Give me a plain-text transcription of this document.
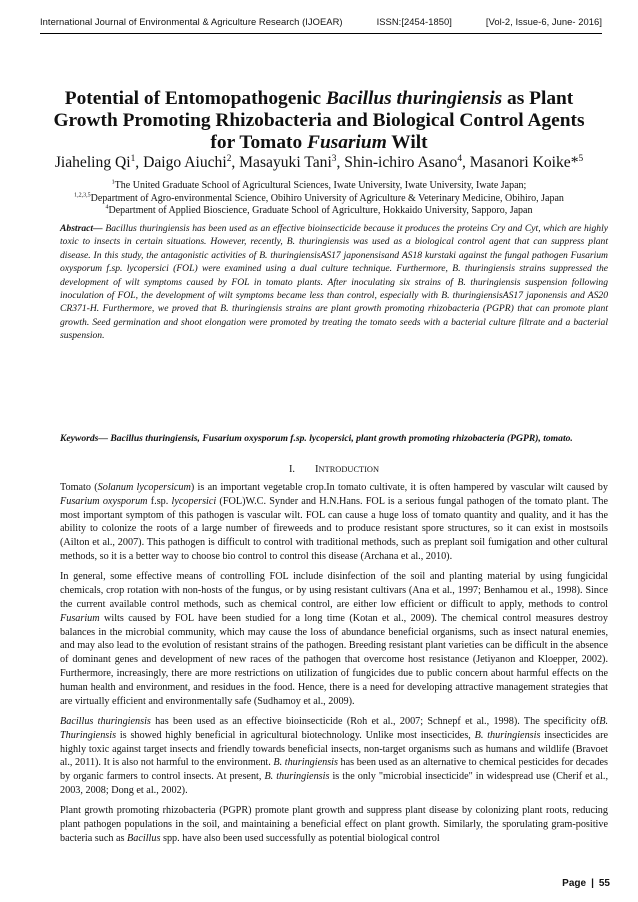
International Journal of Environmental & Agriculture Research (IJOEAR)	ISSN:[2454-1850]	[Vol-2, Issue-6, June- 2016]
Potential of Entomopathogenic Bacillus thuringiensis as Plant
Growth Promoting Rhizobacteria and Biological Control Agents
for Tomato Fusarium Wilt
Jiaheling Qi$^1$, Daigo Aiuchi$^2$, Masayuki Tani$^3$, Shin-ichiro Asano$^4$, Masanori Koike*$^5$
$^1$The United Graduate School of Agricultural Sciences, Iwate University, Iwate University, Iwate Japan;
$^{1,2,3,5}$Department of Agro-environmental Science, Obihiro University of Agriculture & Veterinary Medicine, Obihiro, Japan
$^4$Department of Applied Bioscience, Graduate School of Agriculture, Hokkaido University, Sapporo, Japan
Abstract— Bacillus thuringiensis has been used as an effective bioinsecticide because it produces the proteins Cry and Cyt, which are highly toxic to insects in certain situations. However, recently, B. thuringiensis was used as a biological control agent that can suppress plant disease. In this study, the antagonistic activities of B. thuringiensisAS17 japonensisand AS18 kurstaki against the fungal pathogen Fusarium oxysporum f.sp. lycopersici (FOL) were examined using a dual culture technique. Furthermore, B. thuringiensis strains suppressed the development of wilt symptoms caused by FOL in tomato plants. After inoculating six strains of B. thuringiensis suspension following inoculation of FOL, the development of wilt symptoms became less than control, especially with B. thuringiensisAS17 japonensis and AS20 CR371-H. Furthermore, we proved that B. thuringiensis strains are plant growth promoting rhizobacteria (PGPR) that can promote plant growth. Seed germination and shoot elongation were promoted by treating the tomato seeds with a bacterial culture filtrate and a bacterial suspension.
Keywords— Bacillus thuringiensis, Fusarium oxysporum f.sp. lycopersici, plant growth promoting rhizobacteria (PGPR), tomato.
I. INTRODUCTION

Tomato (Solanum lycopersicum) is an important vegetable crop.In tomato cultivate, it is often hampered by vascular wilt caused by Fusarium oxysporum f.sp. lycopersici (FOL)W.C. Synder and H.N.Hans. FOL is a serious fungal pathogen of the tomato plant. The most important symptom of this pathogen is vascular wilt. FOL can cause a huge loss of tomato quantity and quality, and it has the ability to colonize the roots of a large number of fireweeds and to produce resistant spore structures, so it can exist in mostsoils (Ailton et al., 2007). This pathogen is difficult to control with traditional methods, such as preplant soil fumigation and other cultural methods, so it is a better way to choose bio control to control this disease (Archana et al., 2010).

In general, some effective means of controlling FOL include disinfection of the soil and planting material by using fungicidal chemicals, crop rotation with non-hosts of the fungus, or by using resistant cultivars (Ana et al., 1997; Benhamou et al., 1998). Since the current available control methods, such as chemical control, are either low efficient or difficult to apply, methods to control Fusarium wilts caused by FOL have been studied for a long time (Kotan et al., 2009). The chemical control measures destroy balances in the microbial community, which may cause the loss of abundance beneficial organisms, such as insect natural enemies, and may also lead to the evolution of resistant strains of the pathogen. Breeding resistant plant varieties can be difficult in the absence of dominant genes and development of new races of the pathogen that overcome host resistance (Jetiyanon and Kloepper, 2002). Furthermore, increasingly, there are more restrictions on utilization of fungicides due to public concern about harmful effects on the human health and environment, and residues in the food. Hence, there is a need for developing attractive management strategies that are virtually efficient and environmentally safe (Sudhamoy et al., 2009).

Bacillus thuringiensis has been used as an effective bioinsecticide (Roh et al., 2007; Schnepf et al., 1998). The specificity ofB. Thuringiensis is showed highly beneficial in agricultural biotechnology. Unlike most insecticides, B. thuringiensis insecticides are highly toxic against target insects and friendly towards beneficial insects, non-target organisms such as humans and wildlife (Bravoet al., 2011). It is also not harmful to the environment. B. thuringiensis has been used as an alternative to chemical pesticides for decades by organic farmers to control insects. At present, B. thuringiensis is the only "microbial insecticide" in widespread use (Cherif et al., 2003, 2008; Dong et al., 2002).

Plant growth promoting rhizobacteria (PGPR) promote plant growth and suppress plant disease by colonizing plant roots, reducing plant pathogen populations in the soil, and maintaining a beneficial effect on plant growth. Similarly, the sporulating gram-positive bacteria such as Bacillus spp. have also been used successfully as potential biological control

Page | 55
